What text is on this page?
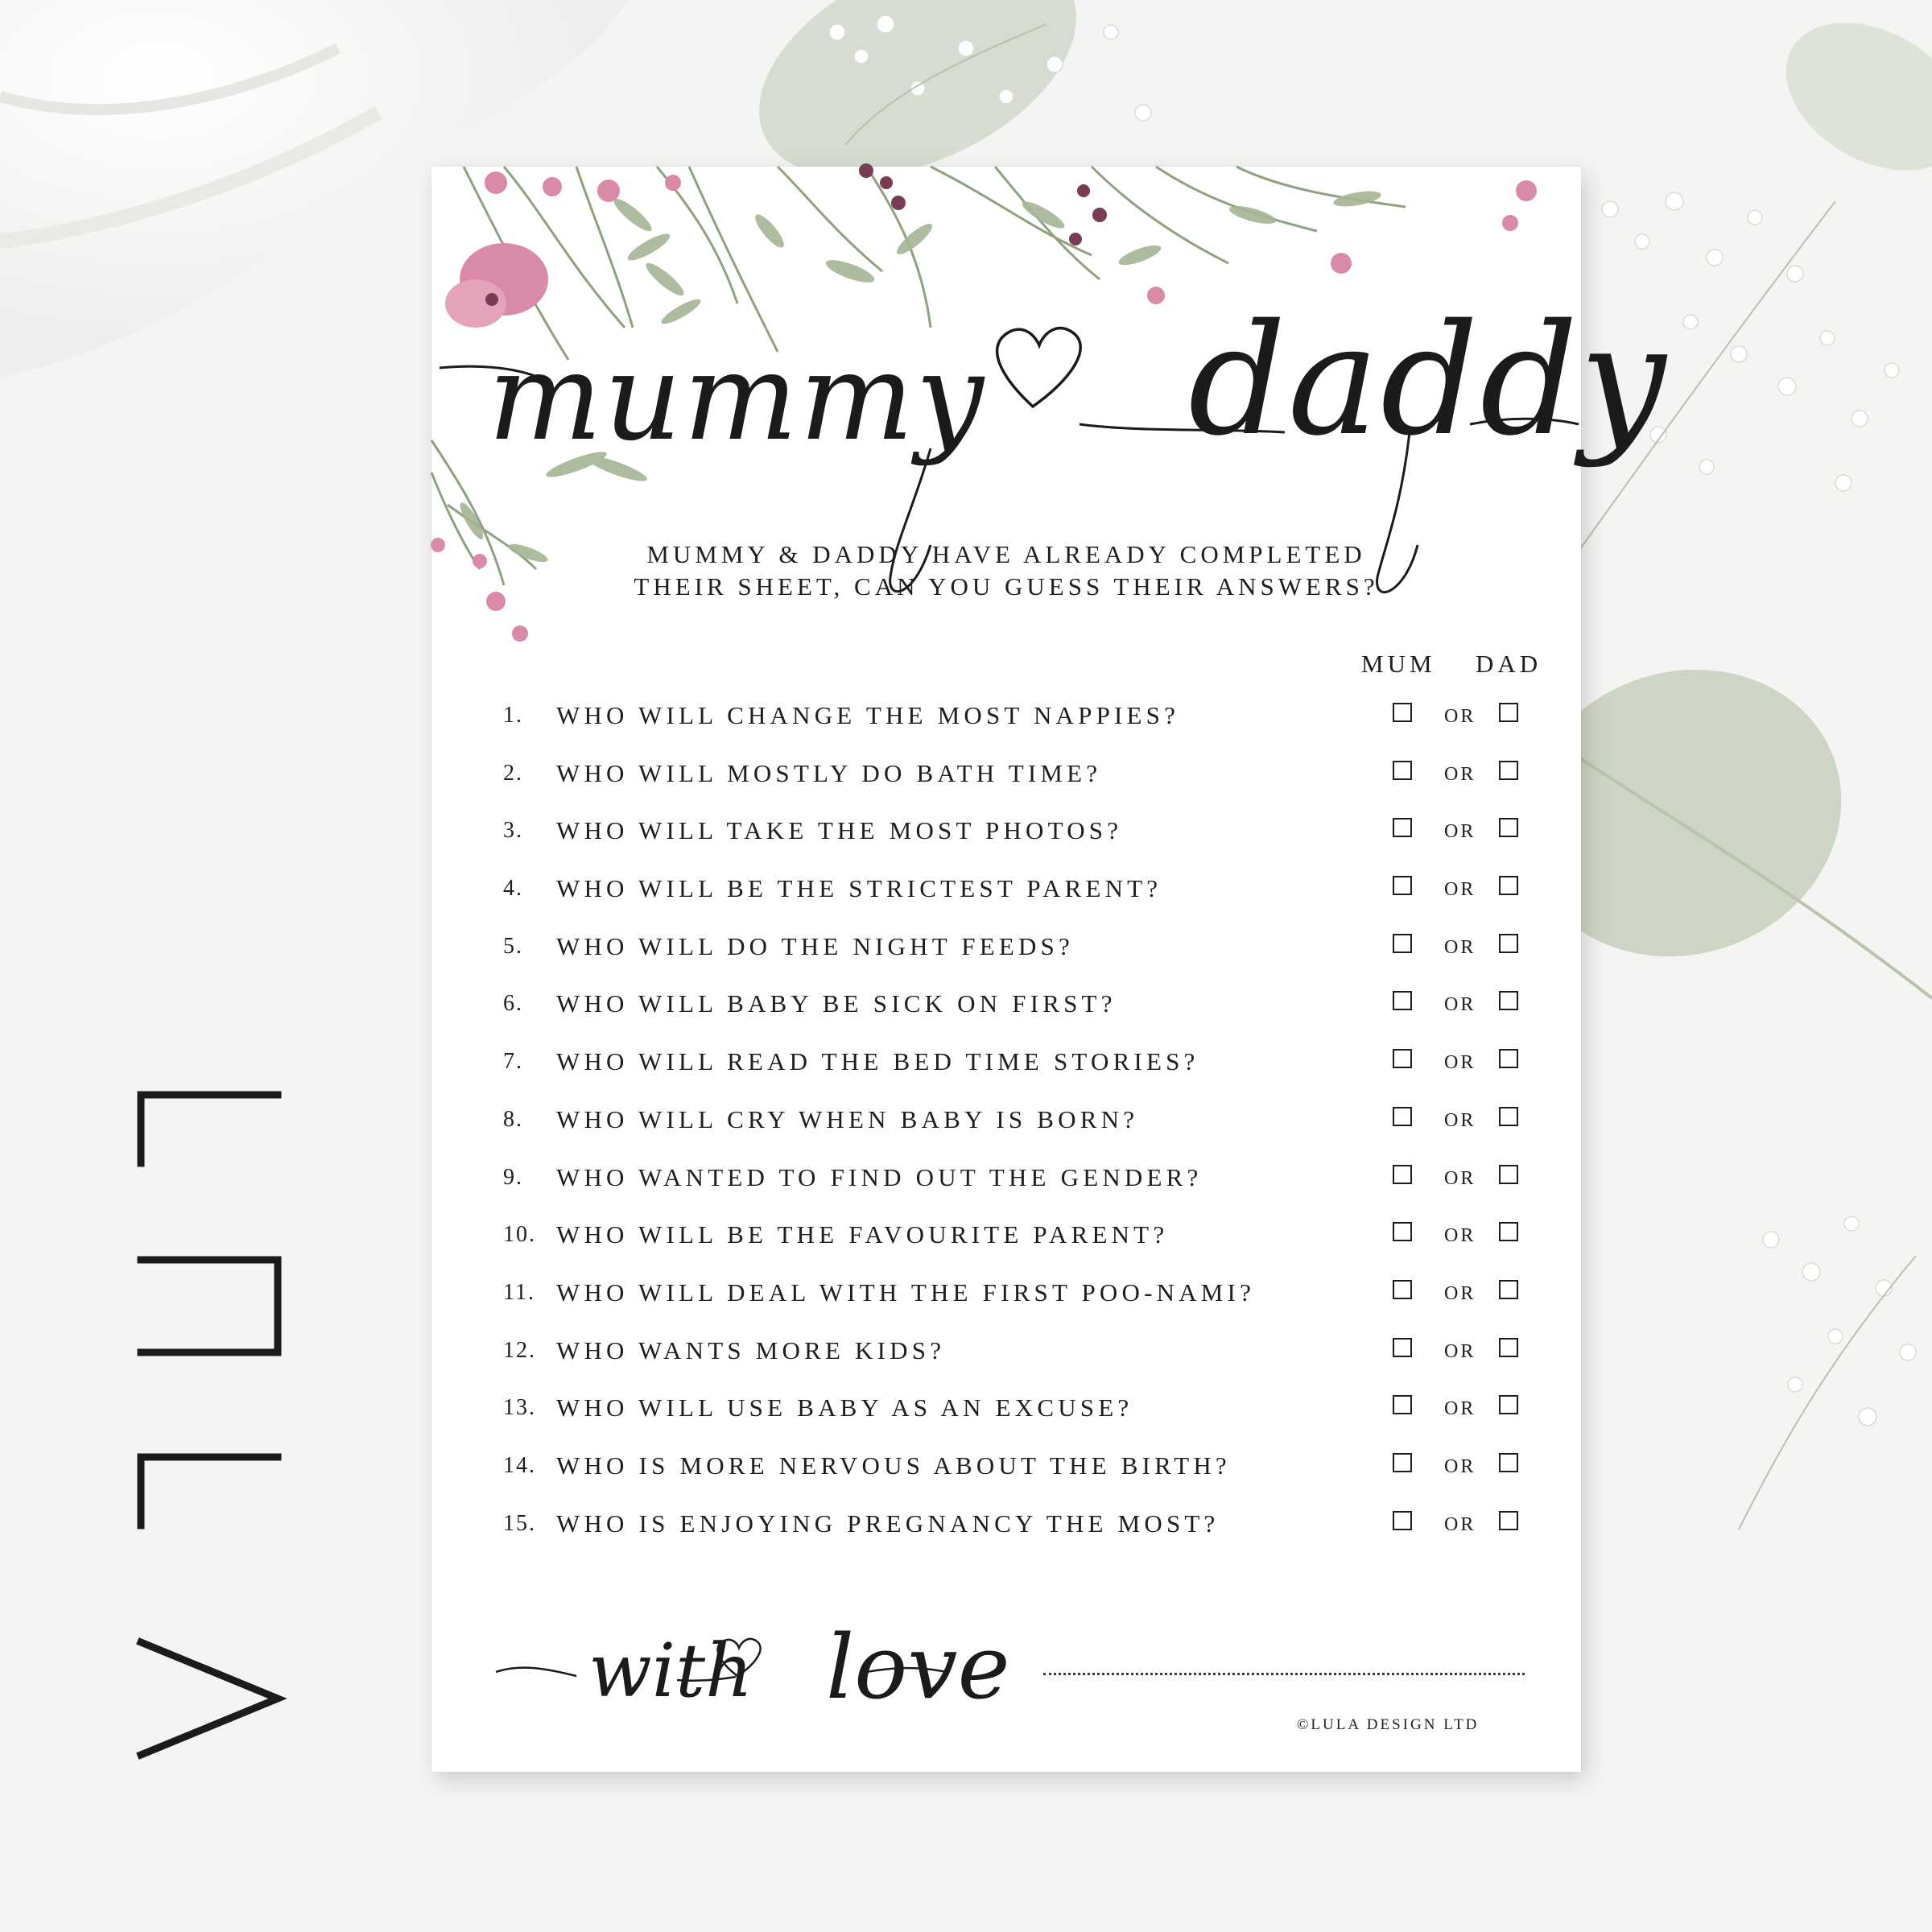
mummy daddy
MUMMY & DADDY HAVE ALREADY COMPLETED
THEIR SHEET, CAN YOU GUESS THEIR ANSWERS?
MUM DAD
1. WHO WILL CHANGE THE MOST NAPPIES?	OR
2. WHO WILL MOSTLY DO BATH TIME?	OR
3. WHO WILL TAKE THE MOST PHOTOS?	OR
4. WHO WILL BE THE STRICTEST PARENT?	OR
5. WHO WILL DO THE NIGHT FEEDS?	OR
6. WHO WILL BABY BE SICK ON FIRST?	OR
7. WHO WILL READ THE BED TIME STORIES?	OR
8. WHO WILL CRY WHEN BABY IS BORN?	OR
9. WHO WANTED TO FIND OUT THE GENDER?	OR
10. WHO WILL BE THE FAVOURITE PARENT?	OR
11. WHO WILL DEAL WITH THE FIRST POO-NAMI?	OR
12. WHO WANTS MORE KIDS?	OR
13. WHO WILL USE BABY AS AN EXCUSE?	OR
14. WHO IS MORE NERVOUS ABOUT THE BIRTH?	OR
15. WHO IS ENJOYING PREGNANCY THE MOST?	OR
with love
©LULA DESIGN LTD
